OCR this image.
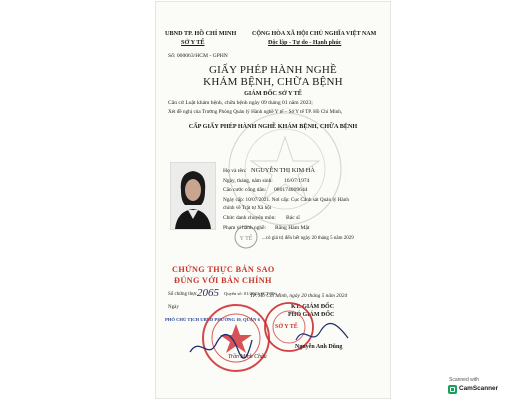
UBND TP. HỒ CHÍ MINH
SỞ Y TẾ
Số: 000063/HCM - GPHN
CỘNG HÒA XÃ HỘI CHỦ NGHĨA VIỆT NAM
Độc lập - Tự do - Hạnh phúc
GIẤY PHÉP HÀNH NGHỀ
KHÁM BỆNH, CHỮA BỆNH
GIÁM ĐỐC SỞ Y TẾ
Căn cứ Luật khám bệnh, chữa bệnh ngày 09 tháng 01 năm 2023;
Xét đề nghị của Trưởng Phòng Quản lý Hành nghề Y tế – Sở Y tế TP. Hồ Chí Minh,
CẤP GIẤY PHÉP HÀNH NGHỀ KHÁM BỆNH, CHỮA BỆNH
Họ và tên: NGUYỄN THỊ KIM HÀ
Ngày, tháng, năm sinh: 16/07/1974
Căn cước công dân: 080174009644
Ngày cấp: 10/07/2021. Nơi cấp: Cục Cảnh sát Quản lý Hành
chính về Trật tự Xã hội
Chức danh chuyên môn: Bác sĩ
Phạm vi hành nghề: Răng Hàm Mặt
...có giá trị đến hết ngày 20 tháng 5 năm 2029
Y TẾ
CHỨNG THỰC BẢN SAO
ĐÚNG VỚI BẢN CHÍNH
Số chứng thực 2065 Quyển số: 01/2024-SCT/BS
Ngày
PHÓ CHỦ TỊCH UBND PHƯỜNG 10, QUẬN 6
Trần Minh Châu
TP. Hồ Chí Minh, ngày 20 tháng 5 năm 2024
KT. GIÁM ĐỐC
PHÓ GIÁM ĐỐC
SỞ Y TẾ
Nguyễn Anh Dũng
Scanned with
CamScanner
